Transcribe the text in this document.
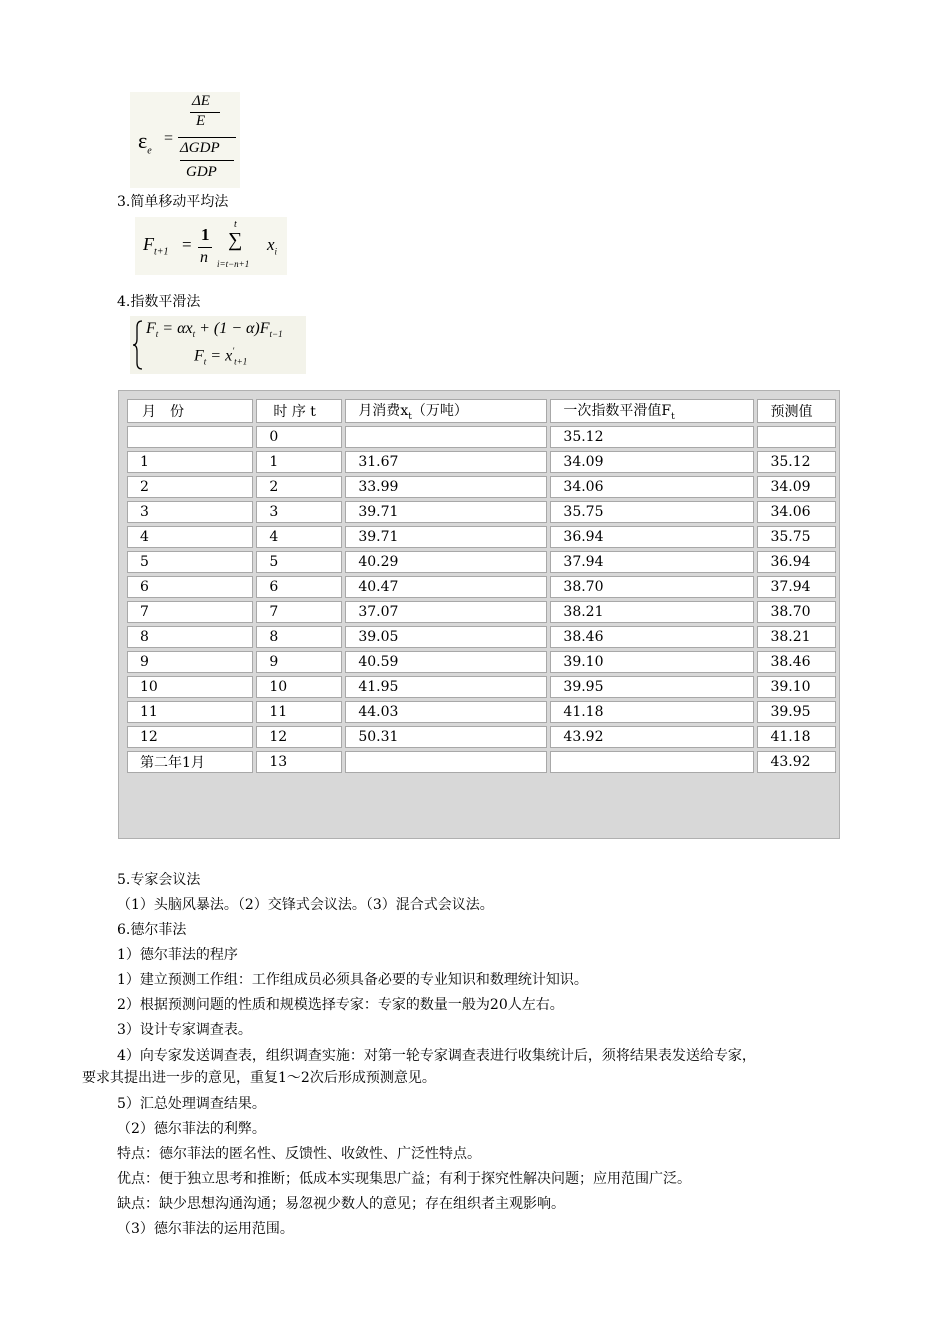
$\varepsilon_e$
=
ΔE
E
ΔGDP
GDP
3.简单移动平均法
$F_{t+1}$ =
1
n
t
∑
i=t−n+1
$x_i$
4.指数平滑法
$F_t = \alpha x_t + (1 - \alpha)F_{t-1}$
$F_t = x'_{t+1}$
月　份	时 序 t	月消费$x_t$（万吨）	一次指数平滑值$F_t$	预测值
	0		35.12	
1	1	31.67	34.09	35.12
2	2	33.99	34.06	34.09
3	3	39.71	35.75	34.06
4	4	39.71	36.94	35.75
5	5	40.29	37.94	36.94
6	6	40.47	38.70	37.94
7	7	37.07	38.21	38.70
8	8	39.05	38.46	38.21
9	9	40.59	39.10	38.46
10	10	41.95	39.95	39.10
11	11	44.03	41.18	39.95
12	12	50.31	43.92	41.18
第二年1月	13			43.92
5.专家会议法
（1）头脑风暴法。（2）交锋式会议法。（3）混合式会议法。
6.德尔菲法
1）德尔菲法的程序
1）建立预测工作组：工作组成员必须具备必要的专业知识和数理统计知识。
2）根据预测问题的性质和规模选择专家：专家的数量一般为20人左右。
3）设计专家调查表。
4）向专家发送调查表，组织调查实施：对第一轮专家调查表进行收集统计后，须将结果表发送给专家，
要求其提出进一步的意见，重复1～2次后形成预测意见。
5）汇总处理调查结果。
（2）德尔菲法的利弊。
特点：德尔菲法的匿名性、反馈性、收敛性、广泛性特点。
优点：便于独立思考和推断；低成本实现集思广益；有利于探究性解决问题；应用范围广泛。
缺点：缺少思想沟通沟通；易忽视少数人的意见；存在组织者主观影响。
（3）德尔菲法的运用范围。
